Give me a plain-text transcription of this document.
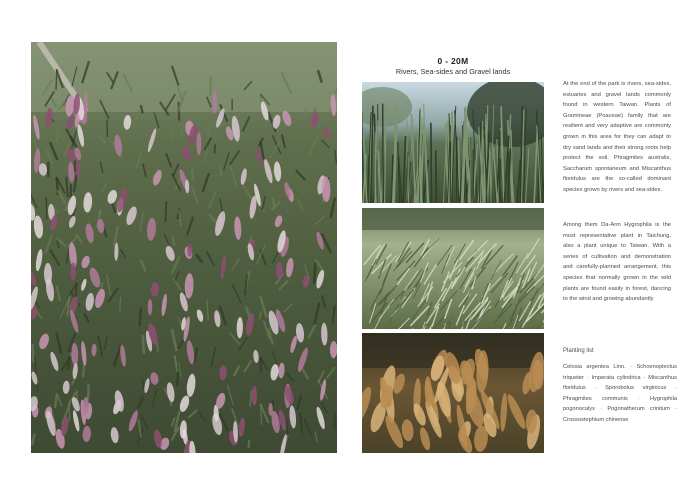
0 - 20M
Rivers, Sea-sides and Gravel lands
At the end of the park is rivers, sea-sides, estuaries and gravel lands commonly found in western Taiwan. Plants of Gramineae (Poaceae) family that are resilient and very adaptive are commonly grown in this area for they can adapt to dry sand lands and their strong roots help protect the soil. Phragmites australis, Saccharum spontaneum and Miscanthus floridulus are the so-called dominant species grown by rivers and sea-sides.
Among them Da-Ann Hygrophila is the most representative plant in Taichung, also a plant unique to Taiwan. With a series of cultivation and demonstration and carefully-planned arrangement, this species that normally grown in the wild plants are found easily in forest, dancing to the wind and growing abundantly
Planting list
Celosia argentea Linn. · Schoenoplectus triqueter · Imperata cylindrica · Miscanthus floridulus · Sporobolus virginicus · Phragmites communis · Hygrophila pogonocalyx · Pogonatherum crinitum · Crossostephium chinense
